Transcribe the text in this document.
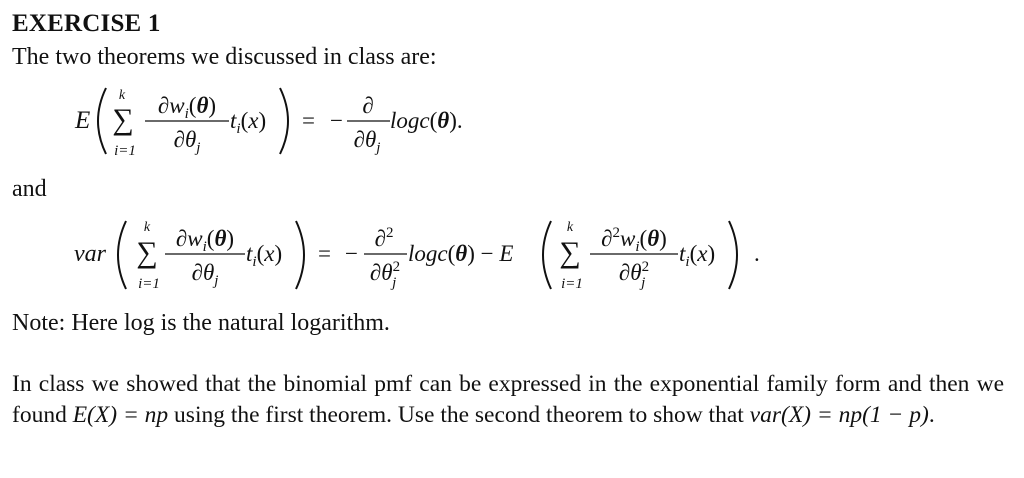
EXERCISE 1
The two theorems we discussed in class are:
E
k
∑
i=1
$\partial w_i(\theta)$
$\partial\theta_j$
$t_i(x)$ = −
∂
$\partial\theta_j$
logc(θ).
and
var
k
∑
i=1
$\partial w_i(\theta)$
$\partial\theta_j$
$t_i(x)$ = −
∂$^2$
$\partial\theta^2$ j
logc(θ) − E
k
∑
i=1
$\partial^2w_i(\theta)$
$\partial\theta^2$ j
$t_i(x)$ .
Note: Here log is the natural logarithm.
In class we showed that the binomial pmf can be expressed in the exponential family form and then we found E(X) = np using the first theorem. Use the second theorem to show that var(X) = np(1 − p).
